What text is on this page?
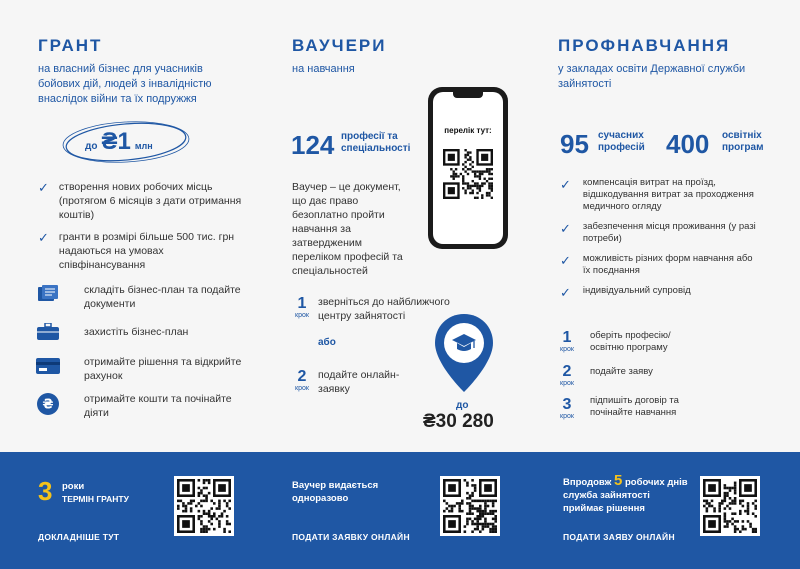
ГРАНТ
на власний бізнес для учасників бойових дій, людей з інвалідністю внаслідок війни та їх подружжя
до ₴1 млн
✓ створення нових робочих місць (протягом 6 місяців з дати отримання коштів)
✓ гранти в розмірі більше 500 тис. грн надаються на умовах співфінансування
складіть бізнес-план та подайте документи
захистіть бізнес-план
отримайте рішення та відкрийте рахунок
₴	отримайте кошти та почінайте діяти
ВАУЧЕРИ
на навчання
перелік тут:
124 професії та спеціальності
Ваучер – це документ, що дає право безоплатно пройти навчання за затвердженим переліком професій та спеціальностей
1
крок
зверніться до найближчого центру зайнятості
або
2
крок
подайте онлайн-заявку
до
₴30 280
ПРОФНАВЧАННЯ
у закладах освіти Державної служби зайнятості
95 сучасних професій 400 освітніх програм
✓ компенсація витрат на проїзд, відшкодування витрат за проходження медичного огляду
✓ забезпечення місця проживання (у разі потреби)
✓ можливість різних форм навчання або їх поєднання
✓ індивідуальний супровід
1
крок
оберіть професію/ освітню програму
2
крок
подайте заяву
3
крок
підпишіть договір та почінайте навчання
3 роки
ТЕРМІН ГРАНТУ
ДОКЛАДНІШЕ ТУТ
Ваучер видається одноразово
ПОДАТИ ЗАЯВКУ ОНЛАЙН
Впродовж 5 робочих днів служба зайнятості приймає рішення
ПОДАТИ ЗАЯВУ ОНЛАЙН
